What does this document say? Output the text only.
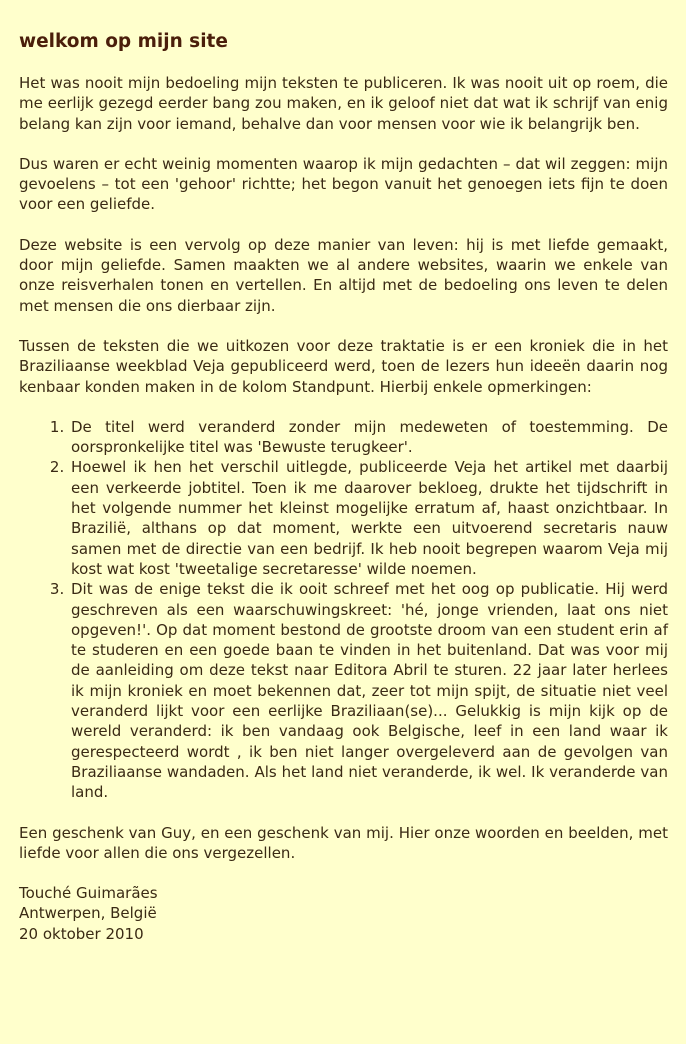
welkom op mijn site

Het was nooit mijn bedoeling mijn teksten te publiceren. Ik was nooit uit op roem, die me eerlijk gezegd eerder bang zou maken, en ik geloof niet dat wat ik schrijf van enig belang kan zijn voor iemand, behalve dan voor mensen voor wie ik belangrijk ben.

Dus waren er echt weinig momenten waarop ik mijn gedachten – dat wil zeggen: mijn gevoelens – tot een 'gehoor' richtte; het begon vanuit het genoegen iets fijn te doen voor een geliefde.

Deze website is een vervolg op deze manier van leven: hij is met liefde gemaakt, door mijn geliefde. Samen maakten we al andere websites, waarin we enkele van onze reisverhalen tonen en vertellen. En altijd met de bedoeling ons leven te delen met mensen die ons dierbaar zijn.

Tussen de teksten die we uitkozen voor deze traktatie is er een kroniek die in het Braziliaanse weekblad Veja gepubliceerd werd, toen de lezers hun ideeën daarin nog kenbaar konden maken in de kolom Standpunt. Hierbij enkele opmerkingen:

1. De titel werd veranderd zonder mijn medeweten of toestemming. De oorspronkelijke titel was 'Bewuste terugkeer'.
2. Hoewel ik hen het verschil uitlegde, publiceerde Veja het artikel met daarbij een verkeerde jobtitel. Toen ik me daarover bekloeg, drukte het tijdschrift in het volgende nummer het kleinst mogelijke erratum af, haast onzichtbaar. In Brazilië, althans op dat moment, werkte een uitvoerend secretaris nauw samen met de directie van een bedrijf. Ik heb nooit begrepen waarom Veja mij kost wat kost 'tweetalige secretaresse' wilde noemen.
3. Dit was de enige tekst die ik ooit schreef met het oog op publicatie. Hij werd geschreven als een waarschuwingskreet: 'hé, jonge vrienden, laat ons niet opgeven!'. Op dat moment bestond de grootste droom van een student erin af te studeren en een goede baan te vinden in het buitenland. Dat was voor mij de aanleiding om deze tekst naar Editora Abril te sturen. 22 jaar later herlees ik mijn kroniek en moet bekennen dat, zeer tot mijn spijt, de situatie niet veel veranderd lijkt voor een eerlijke Braziliaan(se)... Gelukkig is mijn kijk op de wereld veranderd: ik ben vandaag ook Belgische, leef in een land waar ik gerespecteerd wordt , ik ben niet langer overgeleverd aan de gevolgen van Braziliaanse wandaden. Als het land niet veranderde, ik wel. Ik veranderde van land.

Een geschenk van Guy, en een geschenk van mij. Hier onze woorden en beelden, met liefde voor allen die ons vergezellen.

Touché Guimarães
Antwerpen, België
20 oktober 2010
